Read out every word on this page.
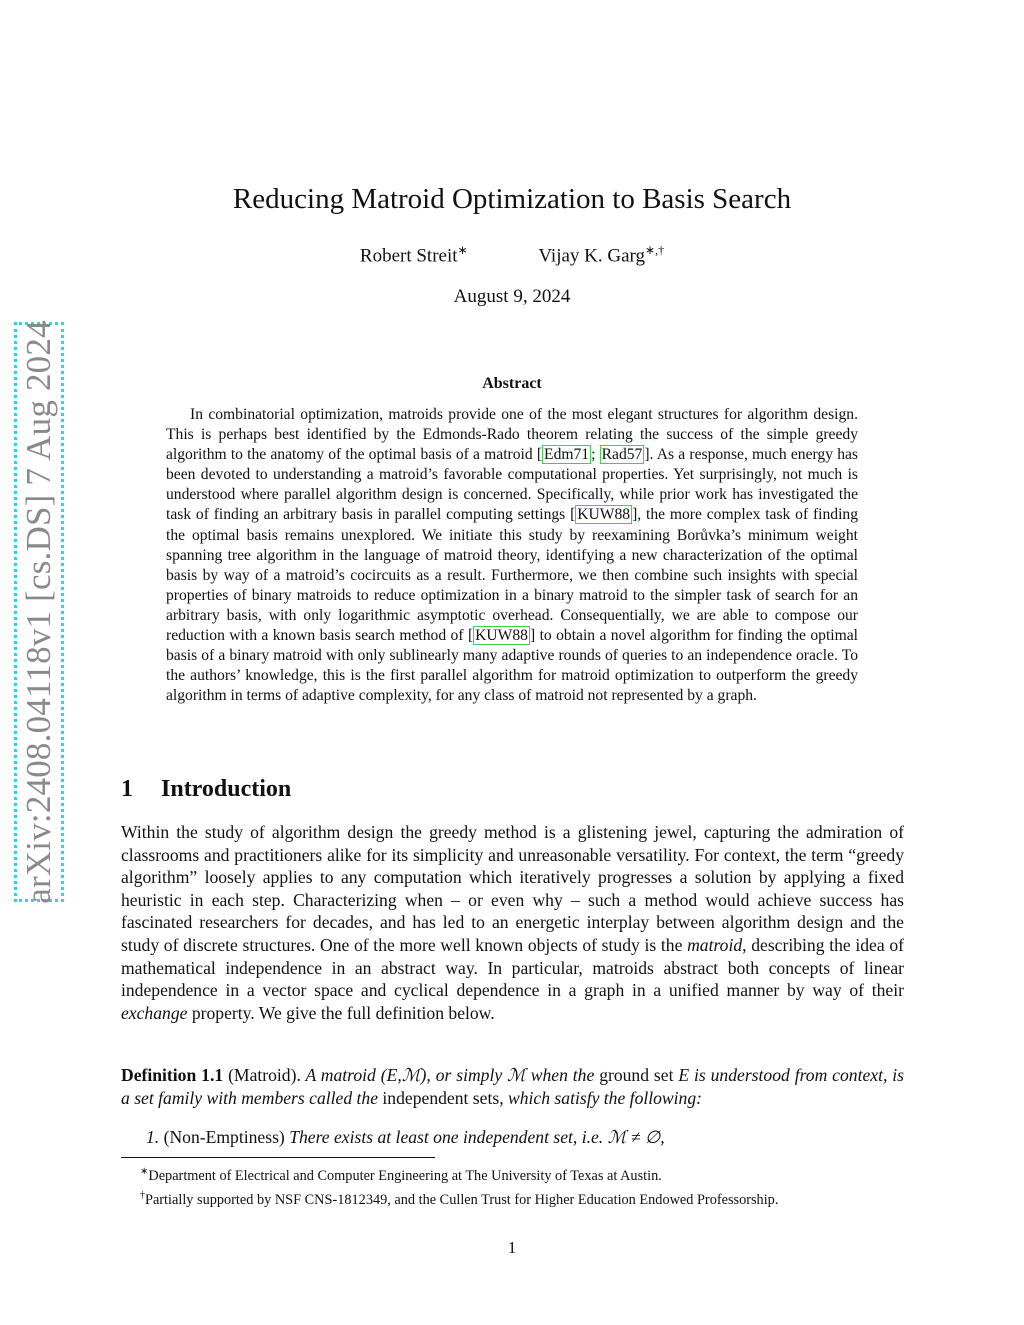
arXiv:2408.04118v1 [cs.DS] 7 Aug 2024
Reducing Matroid Optimization to Basis Search
Robert Streit∗	Vijay K. Garg∗,†
August 9, 2024
Abstract

In combinatorial optimization, matroids provide one of the most elegant structures for algorithm design. This is perhaps best identified by the Edmonds-Rado theorem relating the success of the simple greedy algorithm to the anatomy of the optimal basis of a matroid [ Edm71 ; Rad57 ]. As a response, much energy has been devoted to understanding a matroid’s favorable computational properties. Yet surprisingly, not much is understood where parallel algorithm design is concerned. Specifically, while prior work has investigated the task of finding an arbitrary basis in parallel computing settings [ KUW88 ], the more complex task of finding the optimal basis remains unexplored. We initiate this study by reexamining Borůvka’s minimum weight spanning tree algorithm in the language of matroid theory, identifying a new characterization of the optimal basis by way of a matroid’s cocircuits as a result. Furthermore, we then combine such insights with special properties of binary matroids to reduce optimization in a binary matroid to the simpler task of search for an arbitrary basis, with only logarithmic asymptotic overhead. Consequentially, we are able to compose our reduction with a known basis search method of [ KUW88 ] to obtain a novel algorithm for finding the optimal basis of a binary matroid with only sublinearly many adaptive rounds of queries to an independence oracle. To the authors’ knowledge, this is the first parallel algorithm for matroid optimization to outperform the greedy algorithm in terms of adaptive complexity, for any class of matroid not represented by a graph.

1 Introduction

Within the study of algorithm design the greedy method is a glistening jewel, capturing the admiration of classrooms and practitioners alike for its simplicity and unreasonable versatility. For context, the term “greedy algorithm” loosely applies to any computation which iteratively progresses a solution by applying a fixed heuristic in each step. Characterizing when – or even why – such a method would achieve success has fascinated researchers for decades, and has led to an energetic interplay between algorithm design and the study of discrete structures. One of the more well known objects of study is the matroid, describing the idea of mathematical independence in an abstract way. In particular, matroids abstract both concepts of linear independence in a vector space and cyclical dependence in a graph in a unified manner by way of their exchange property. We give the full definition below.

Definition 1.1 (Matroid). A matroid (E,ℳ), or simply ℳ when the ground set E is understood from context, is a set family with members called the independent sets, which satisfy the following:

1. (Non-Emptiness) There exists at least one independent set, i.e. ℳ ≠ ∅,

∗Department of Electrical and Computer Engineering at The University of Texas at Austin.

†Partially supported by NSF CNS-1812349, and the Cullen Trust for Higher Education Endowed Professorship.

1
